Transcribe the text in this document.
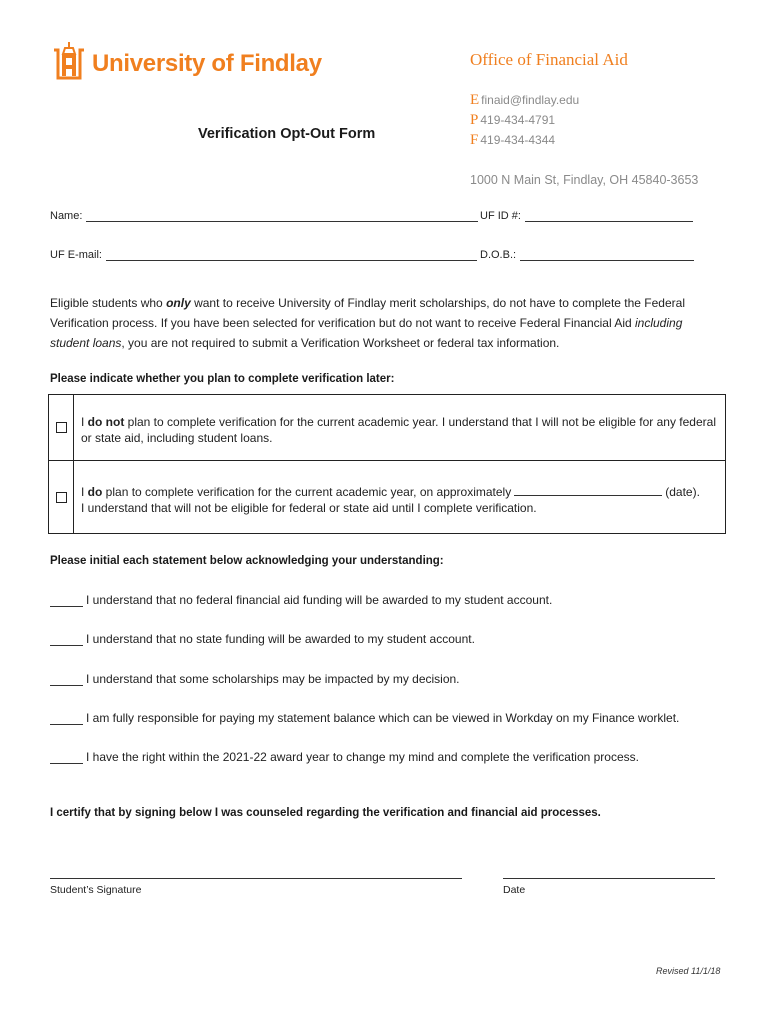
University of Findlay	Office of Financial Aid
E finaid@findlay.edu
P 419-434-4791
F 419-434-4344
1000 N Main St, Findlay, OH 45840-3653
Verification Opt-Out Form
Name:	UF ID #:
UF E-mail:	D.O.B.:
Eligible students who only want to receive University of Findlay merit scholarships, do not have to complete the Federal Verification process. If you have been selected for verification but do not want to receive Federal Financial Aid including student loans, you are not required to submit a Verification Worksheet or federal tax information.
Please indicate whether you plan to complete verification later:
I do not plan to complete verification for the current academic year. I understand that I will not be eligible for any federal or state aid, including student loans.
I do plan to complete verification for the current academic year, on approximately	(date).
I understand that will not be eligible for federal or state aid until I complete verification.
Please initial each statement below acknowledging your understanding:
I understand that no federal financial aid funding will be awarded to my student account.
I understand that no state funding will be awarded to my student account.
I understand that some scholarships may be impacted by my decision.
I am fully responsible for paying my statement balance which can be viewed in Workday on my Finance worklet.
I have the right within the 2021-22 award year to change my mind and complete the verification process.
I certify that by signing below I was counseled regarding the verification and financial aid processes.
Student’s Signature	Date
Revised 11/1/18
